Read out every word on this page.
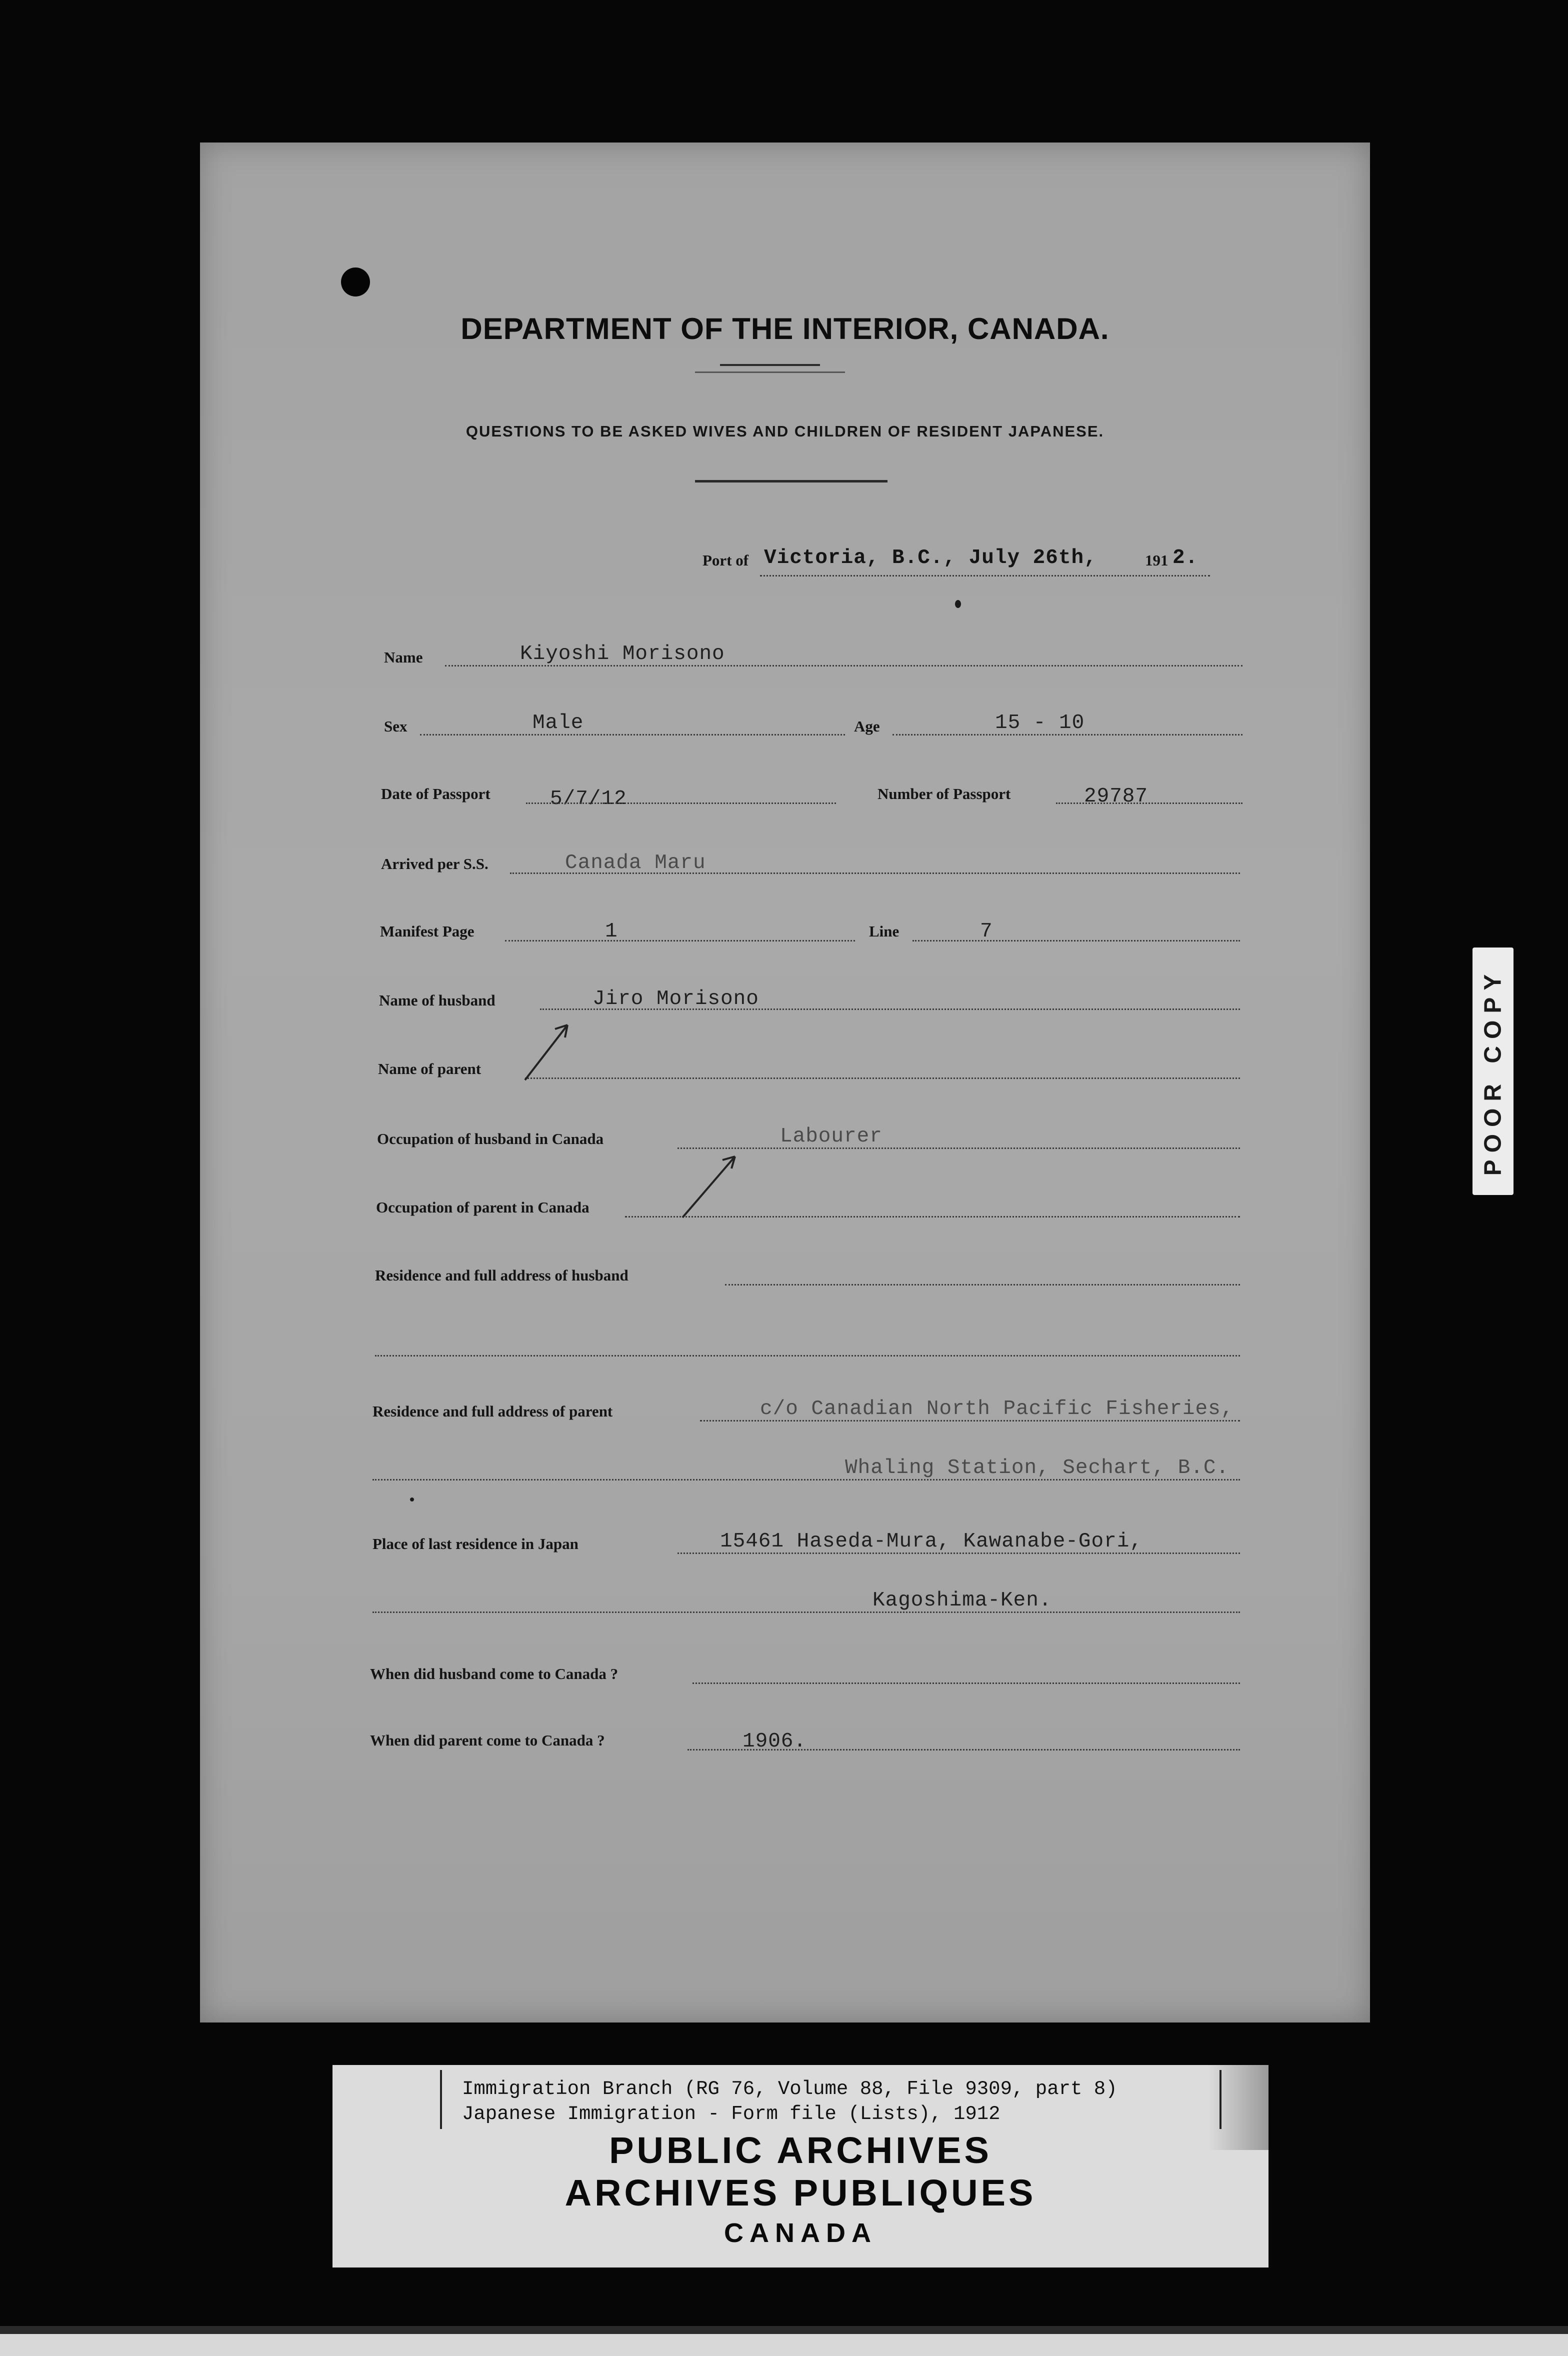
DEPARTMENT OF THE INTERIOR, CANADA.
QUESTIONS TO BE ASKED WIVES AND CHILDREN OF RESIDENT JAPANESE.
Port of Victoria, B.C., July 26th,	191 2.
Name	Kiyoshi Morisono
Sex	Male	Age	15 - 10
Date of Passport	5/7/12	Number of Passport	29787
Arrived per S.S.	Canada Maru
Manifest Page	1	Line	7
Name of husband	Jiro Morisono
Name of parent
Occupation of husband in Canada	Labourer
Occupation of parent in Canada
Residence and full address of husband
Residence and full address of parent	c/o Canadian North Pacific Fisheries,
Whaling Station, Sechart, B.C.
Place of last residence in Japan	15461 Haseda-Mura, Kawanabe-Gori,
Kagoshima-Ken.
When did husband come to Canada ?
When did parent come to Canada ?	1906.
POOR COPY
Immigration Branch (RG 76, Volume 88, File 9309, part 8)
Japanese Immigration - Form file (Lists), 1912
PUBLIC ARCHIVES
ARCHIVES PUBLIQUES
CANADA
